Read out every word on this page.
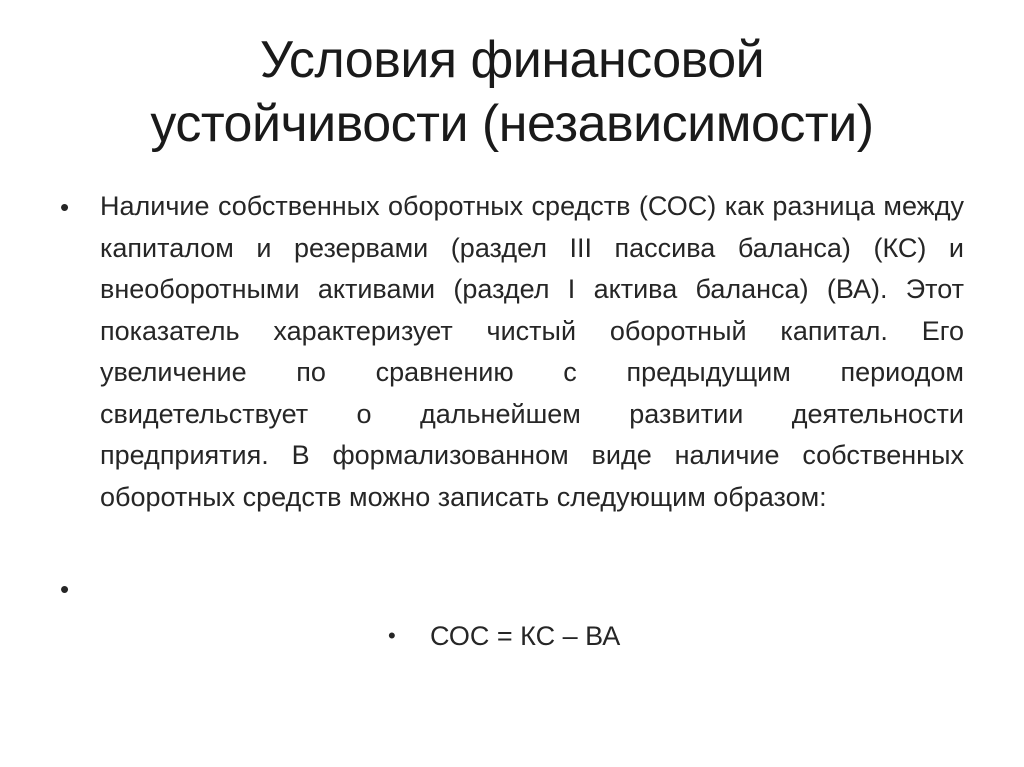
Условия финансовой
устойчивости (независимости)
• Наличие собственных оборотных средств (СОС) как разница между капиталом и резервами (раздел III пассива баланса) (КС) и внеоборотными активами (раздел I актива баланса) (ВА). Этот показатель характеризует чистый оборотный капитал. Его увеличение по сравнению с предыдущим периодом свидетельствует о дальнейшем развитии деятельности предприятия. В формализованном виде наличие собственных оборотных средств можно записать следующим образом:
•
• СОС = КС – ВА
